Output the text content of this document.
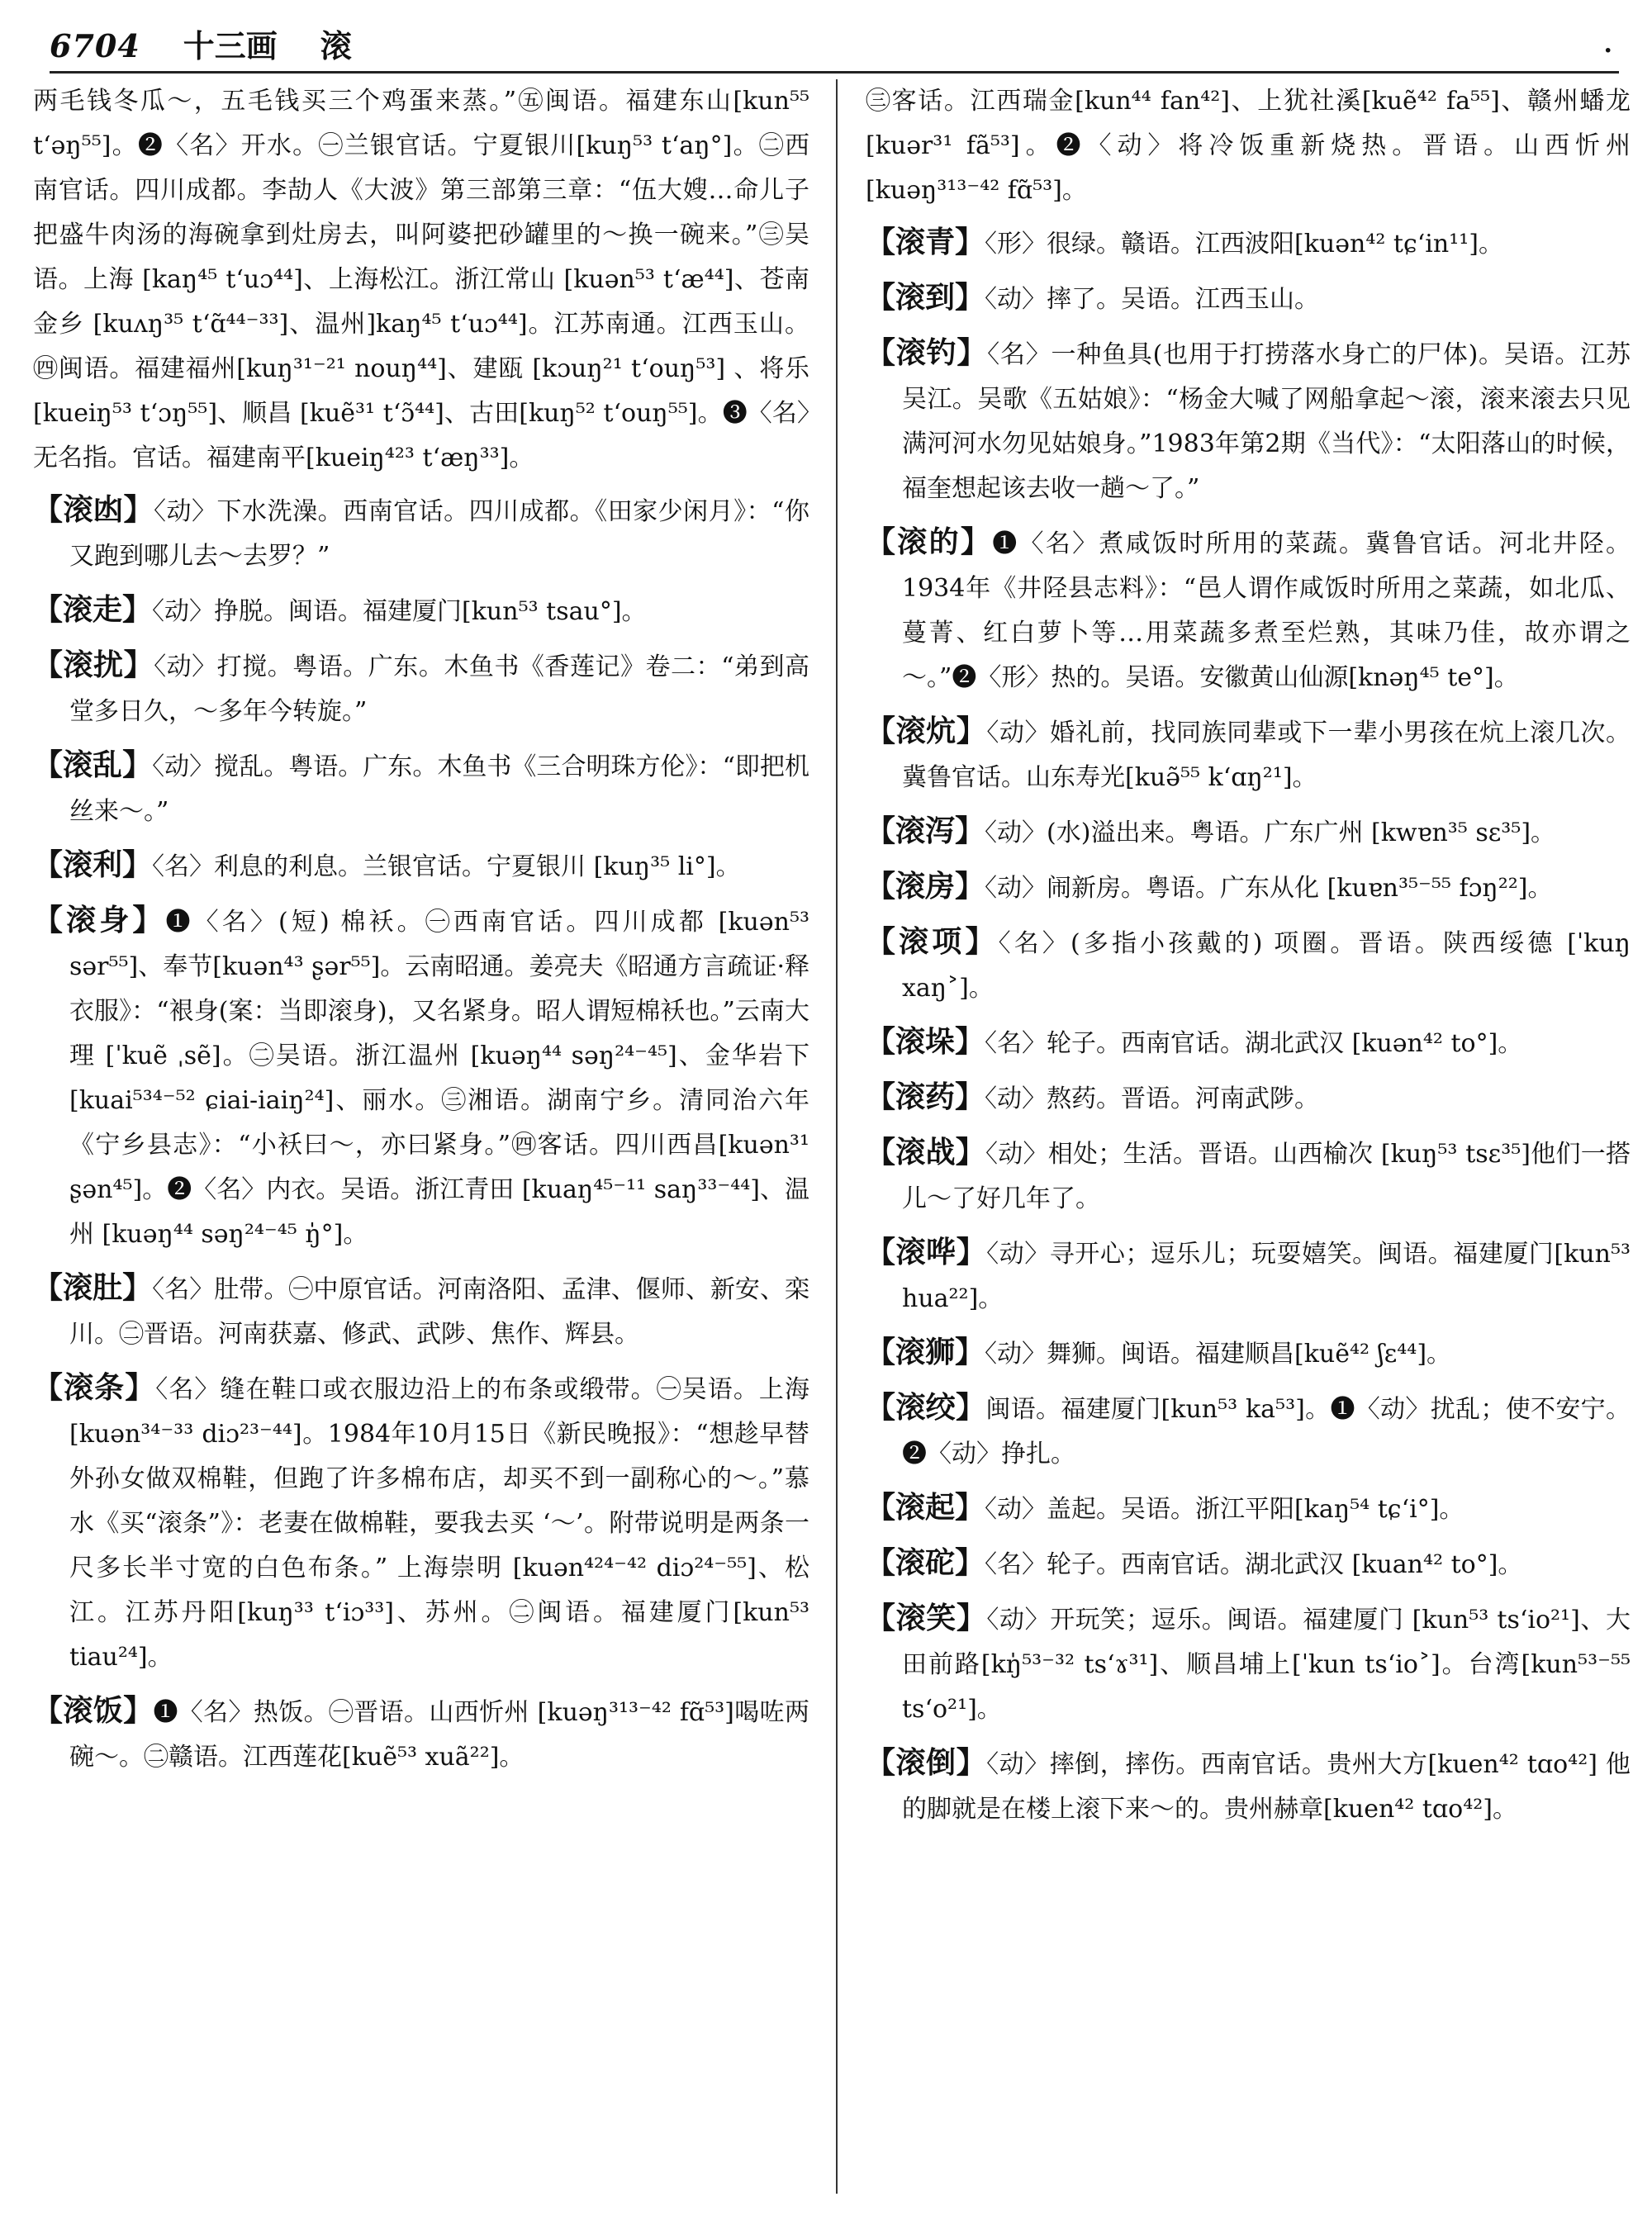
6704 十三画 滚	·

两毛钱冬瓜～，五毛钱买三个鸡蛋来蒸。”㊄闽语。福建东山[kun⁵⁵ t‘əŋ⁵⁵]。❷〈名〉开水。㊀兰银官话。宁夏银川[kuŋ⁵³ t‘aŋ°]。㊁西南官话。四川成都。李劼人《大波》第三部第三章：“伍大嫂…命儿子把盛牛肉汤的海碗拿到灶房去，叫阿婆把砂罐里的～换一碗来。”㊂吴语。上海 [kaŋ⁴⁵ t‘uɔ⁴⁴]、上海松江。浙江常山 [kuən⁵³ t‘æ⁴⁴]、苍南金乡 [kuʌŋ³⁵ t‘ɑ̃⁴⁴⁻³³]、温州]kaŋ⁴⁵ t‘uɔ⁴⁴]。江苏南通。江西玉山。㊃闽语。福建福州[kuŋ³¹⁻²¹ nouŋ⁴⁴]、建瓯 [kɔuŋ²¹ t‘ouŋ⁵³] 、将乐 [kueiŋ⁵³ t‘ɔŋ⁵⁵]、顺昌 [kuẽ³¹ t‘ɔ̃⁴⁴]、古田[kuŋ⁵² t‘ouŋ⁵⁵]。❸〈名〉无名指。官话。福建南平[kueiŋ⁴²³ t‘æŋ³³]。

【滚凼】〈动〉下水洗澡。西南官话。四川成都。《田家少闲月》：“你又跑到哪儿去～去罗？”

【滚走】〈动〉挣脱。闽语。福建厦门[kun⁵³ tsau°]。

【滚扰】〈动〉打搅。粤语。广东。木鱼书《香莲记》卷二：“弟到高堂多日久，～多年今转旋。”

【滚乱】〈动〉搅乱。粤语。广东。木鱼书《三合明珠方伦》：“即把机丝来～。”

【滚利】〈名〉利息的利息。兰银官话。宁夏银川 [kuŋ³⁵ li°]。

【滚身】❶〈名〉(短) 棉袄。㊀西南官话。四川成都 [kuən⁵³ sər⁵⁵]、奉节[kuən⁴³ ʂər⁵⁵]。云南昭通。姜亮夫《昭通方言疏证·释衣服》：“裉身(案：当即滚身)，又名紧身。昭人谓短棉袄也。”云南大理 [ˈkuẽ ˌsẽ]。㊁吴语。浙江温州 [kuəŋ⁴⁴ səŋ²⁴⁻⁴⁵]、金华岩下 [kuai⁵³⁴⁻⁵² ɕiai-iaiŋ²⁴]、丽水。㊂湘语。湖南宁乡。清同治六年《宁乡县志》：“小袄曰～，亦曰紧身。”㊃客话。四川西昌[kuən³¹ ʂən⁴⁵]。❷〈名〉内衣。吴语。浙江青田 [kuaŋ⁴⁵⁻¹¹ saŋ³³⁻⁴⁴]、温州 [kuəŋ⁴⁴ səŋ²⁴⁻⁴⁵ ŋ̍°]。

【滚肚】〈名〉肚带。㊀中原官话。河南洛阳、孟津、偃师、新安、栾川。㊁晋语。河南获嘉、修武、武陟、焦作、辉县。

【滚条】〈名〉缝在鞋口或衣服边沿上的布条或缎带。㊀吴语。上海 [kuən³⁴⁻³³ diɔ²³⁻⁴⁴]。1984年10月15日《新民晚报》：“想趁早替外孙女做双棉鞋，但跑了许多棉布店，却买不到一副称心的～。”慕水《买“滚条”》：老妻在做棉鞋，要我去买 ‘～’。附带说明是两条一尺多长半寸宽的白色布条。” 上海崇明 [kuən⁴²⁴⁻⁴² diɔ²⁴⁻⁵⁵]、松江。江苏丹阳[kuŋ³³ t‘iɔ³³]、苏州。㊁闽语。福建厦门[kun⁵³ tiau²⁴]。

【滚饭】❶〈名〉热饭。㊀晋语。山西忻州 [kuəŋ³¹³⁻⁴² fɑ̃⁵³]喝咗两碗～。㊁赣语。江西莲花[kuẽ⁵³ xuã²²]。

㊂客话。江西瑞金[kun⁴⁴ fan⁴²]、上犹社溪[kuẽ⁴² fa⁵⁵]、赣州蟠龙 [kuər³¹ fã⁵³]。❷〈动〉将冷饭重新烧热。晋语。山西忻州[kuəŋ³¹³⁻⁴² fɑ̃⁵³]。

【滚青】〈形〉很绿。赣语。江西波阳[kuən⁴² tɕ‘in¹¹]。

【滚到】〈动〉摔了。吴语。江西玉山。

【滚钓】〈名〉一种鱼具(也用于打捞落水身亡的尸体)。吴语。江苏吴江。吴歌《五姑娘》：“杨金大喊了网船拿起～滚，滚来滚去只见满河河水勿见姑娘身。”1983年第2期《当代》：“太阳落山的时候，福奎想起该去收一趟～了。”

【滚的】❶〈名〉煮咸饭时所用的菜蔬。冀鲁官话。河北井陉。1934年《井陉县志料》：“邑人谓作咸饭时所用之菜蔬，如北瓜、蔓菁、红白萝卜等…用菜蔬多煮至烂熟，其味乃佳，故亦谓之～。”❷〈形〉热的。吴语。安徽黄山仙源[knəŋ⁴⁵ te°]。

【滚炕】〈动〉婚礼前，找同族同辈或下一辈小男孩在炕上滚几次。冀鲁官话。山东寿光[kuə̃⁵⁵ k‘ɑŋ²¹]。

【滚泻】〈动〉(水)溢出来。粤语。广东广州 [kwɐn³⁵ sɛ³⁵]。

【滚房】〈动〉闹新房。粤语。广东从化 [kuɐn³⁵⁻⁵⁵ fɔŋ²²]。

【滚项】〈名〉(多指小孩戴的) 项圈。晋语。陕西绥德 [ˈkuŋ xaŋ˃]。

【滚垛】〈名〉轮子。西南官话。湖北武汉 [kuən⁴² to°]。

【滚药】〈动〉熬药。晋语。河南武陟。

【滚战】〈动〉相处；生活。晋语。山西榆次 [kuŋ⁵³ tsɛ³⁵]他们一搭儿～了好几年了。

【滚哗】〈动〉寻开心；逗乐儿；玩耍嬉笑。闽语。福建厦门[kun⁵³ hua²²]。

【滚狮】〈动〉舞狮。闽语。福建顺昌[kuẽ⁴² ʃɛ⁴⁴]。

【滚绞】闽语。福建厦门[kun⁵³ ka⁵³]。❶〈动〉扰乱；使不安宁。❷〈动〉挣扎。

【滚起】〈动〉盖起。吴语。浙江平阳[kaŋ⁵⁴ tɕ‘i°]。

【滚砣】〈名〉轮子。西南官话。湖北武汉 [kuan⁴² to°]。

【滚笑】〈动〉开玩笑；逗乐。闽语。福建厦门 [kun⁵³ ts‘io²¹]、大田前路[kŋ̍⁵³⁻³² ts‘ɤ³¹]、顺昌埔上[ˈkun ts‘io˃]。台湾[kun⁵³⁻⁵⁵ ts‘o²¹]。

【滚倒】〈动〉摔倒，摔伤。西南官话。贵州大方[kuen⁴² tɑo⁴²] 他的脚就是在楼上滚下来～的。贵州赫章[kuen⁴² tɑo⁴²]。
